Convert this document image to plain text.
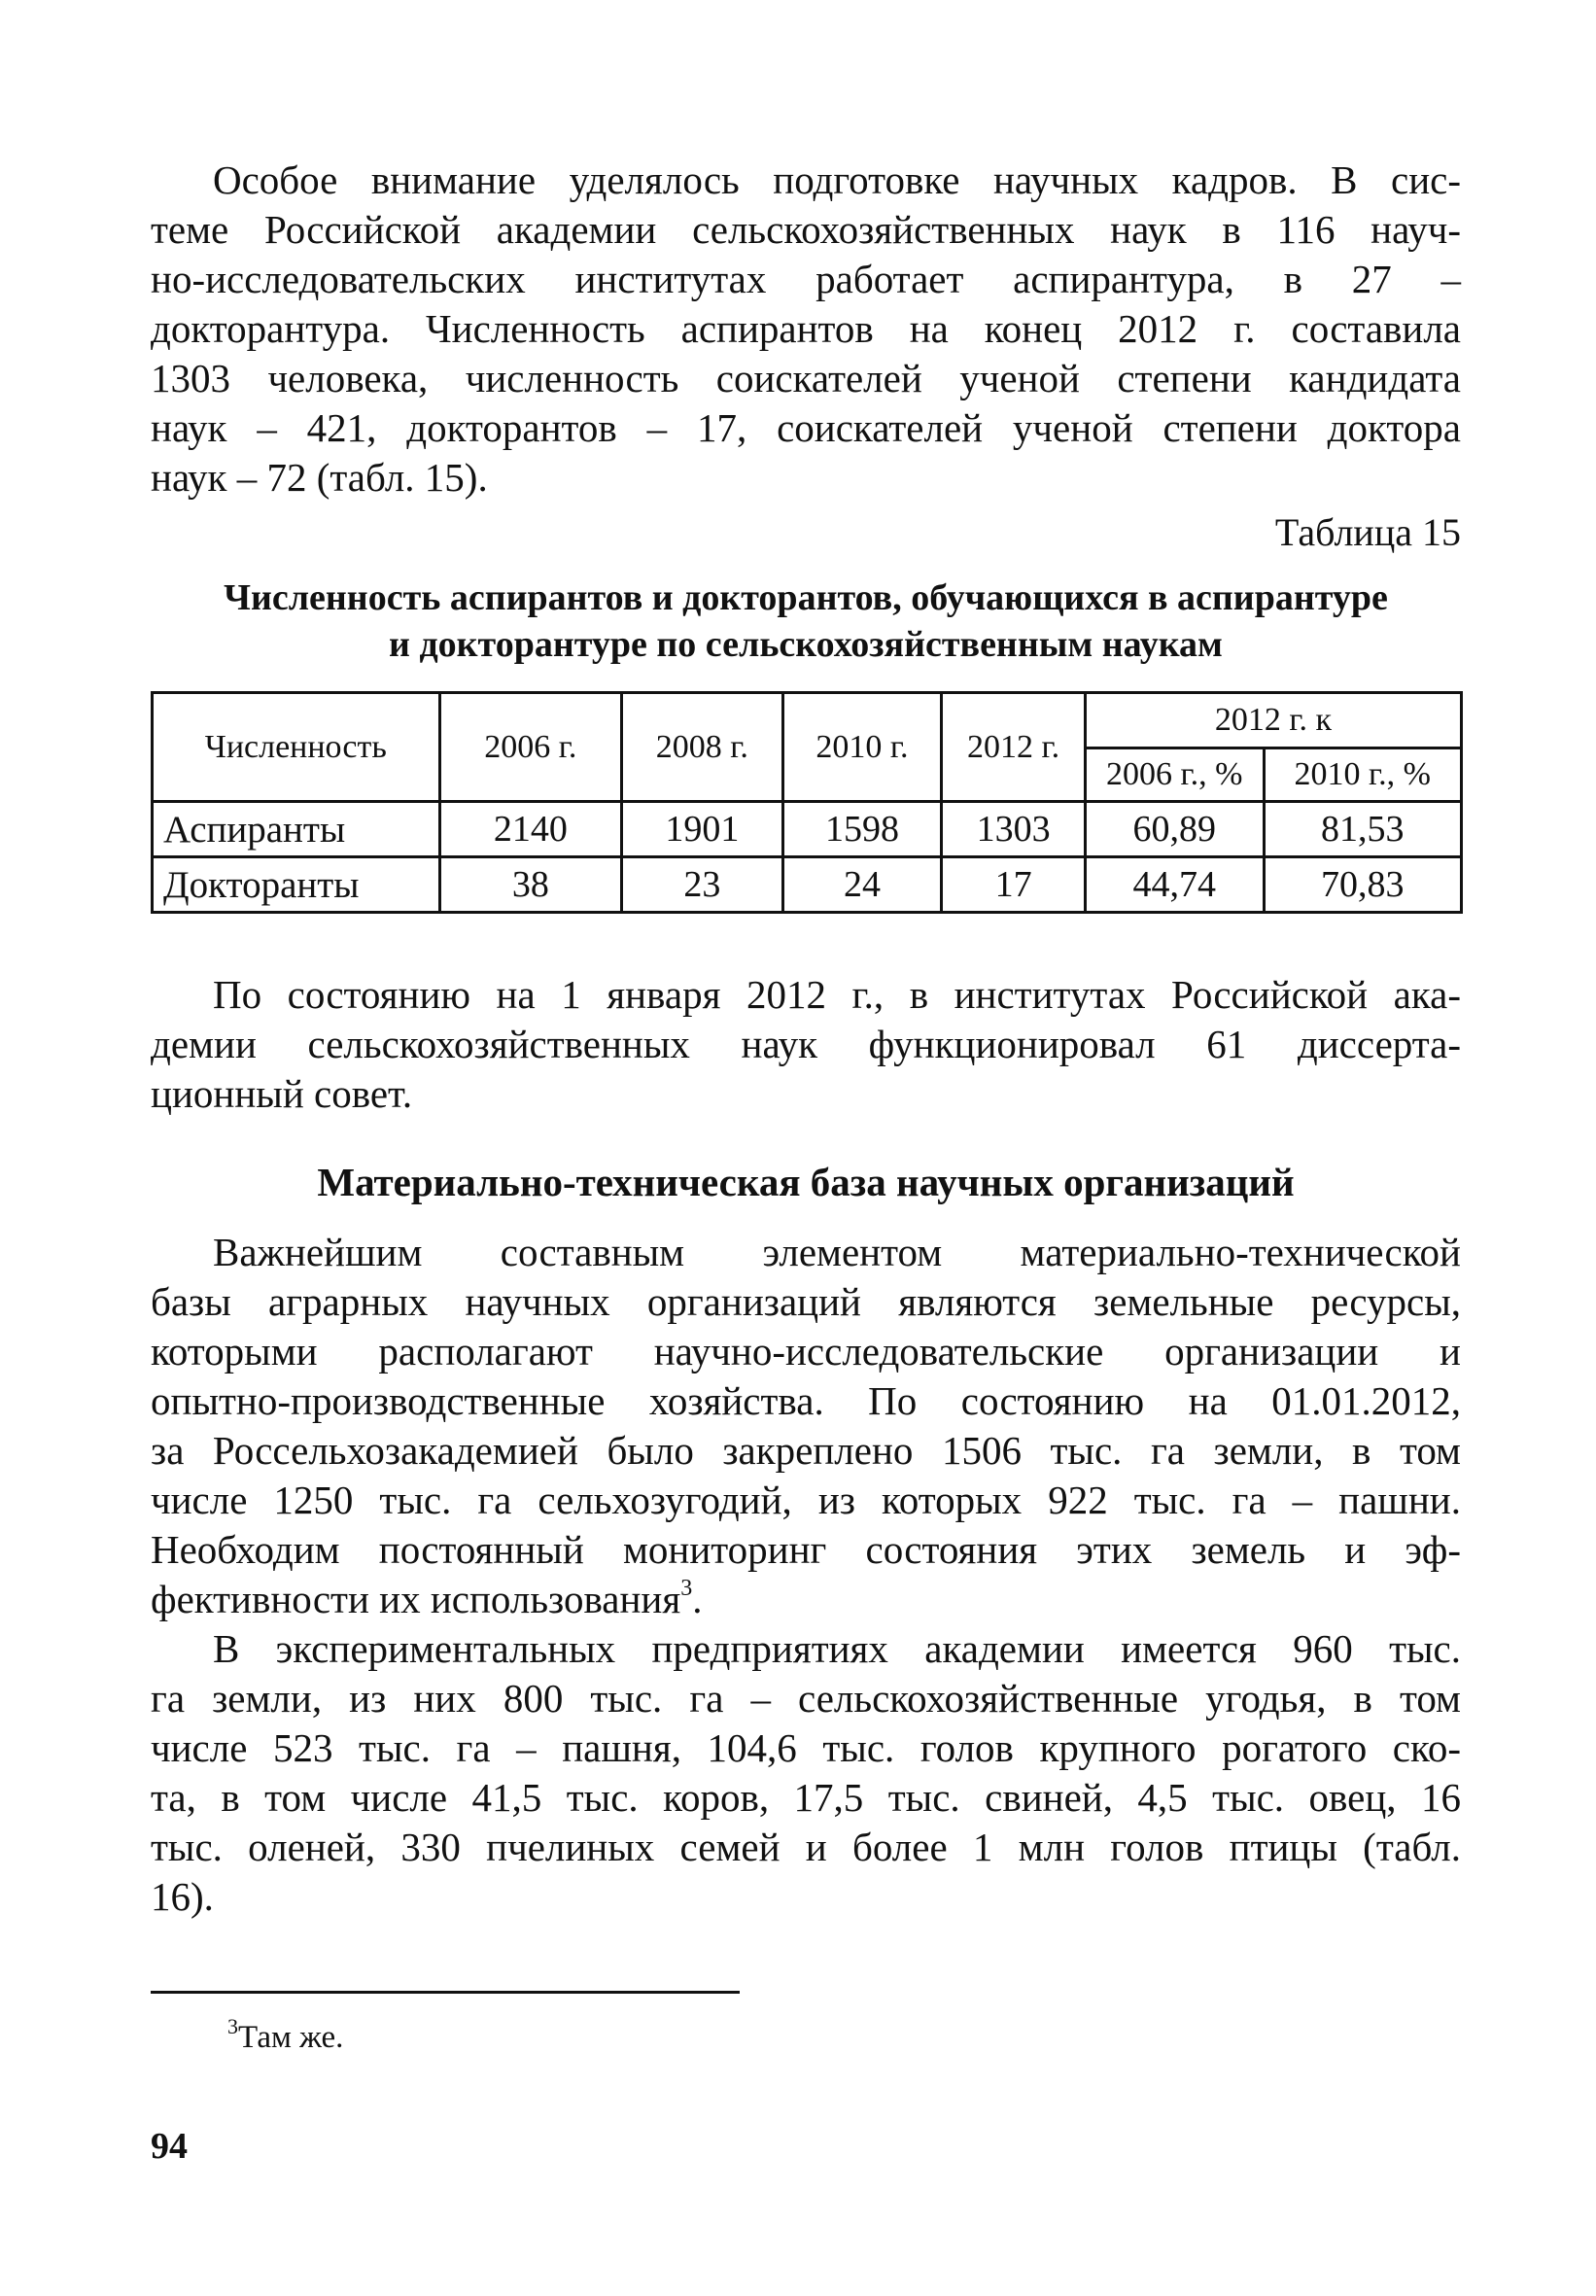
Особое внимание уделялось подготовке научных кадров. В сис-
теме Российской академии сельскохозяйственных наук в 116 науч-
но-исследовательских институтах работает аспирантура, в 27 –
докторантура. Численность аспирантов на конец 2012 г. составила
1303 человека, численность соискателей ученой степени кандидата
наук – 421, докторантов – 17, соискателей ученой степени доктора
наук – 72 (табл. 15).

Таблица 15
Численность аспирантов и докторантов, обучающихся в аспирантуре
и докторантуре по сельскохозяйственным наукам
Численность	2006 г.	2008 г.	2010 г.	2012 г.	2012 г. к	
					2006 г., %	2010 г., %
Аспиранты	2140	1901	1598	1303	60,89	81,53
Докторанты	38	23	24	17	44,74	70,83

По состоянию на 1 января 2012 г., в институтах Российской ака-
демии сельскохозяйственных наук функционировал 61 диссерта-
ционный совет.

Материально-техническая база научных организаций

Важнейшим составным элементом материально-технической
базы аграрных научных организаций являются земельные ресурсы,
которыми располагают научно-исследовательские организации и
опытно-производственные хозяйства. По состоянию на 01.01.2012,
за Россельхозакадемией было закреплено 1506 тыс. га земли, в том
числе 1250 тыс. га сельхозугодий, из которых 922 тыс. га – пашни.
Необходим постоянный мониторинг состояния этих земель и эф-
фективности их использования$^3$.

В экспериментальных предприятиях академии имеется 960 тыс.
га земли, из них 800 тыс. га – сельскохозяйственные угодья, в том
числе 523 тыс. га – пашня, 104,6 тыс. голов крупного рогатого ско-
та, в том числе 41,5 тыс. коров, 17,5 тыс. свиней, 4,5 тыс. овец, 16
тыс. оленей, 330 пчелиных семей и более 1 млн голов птицы (табл.
16).

$^3$Там же.
94
